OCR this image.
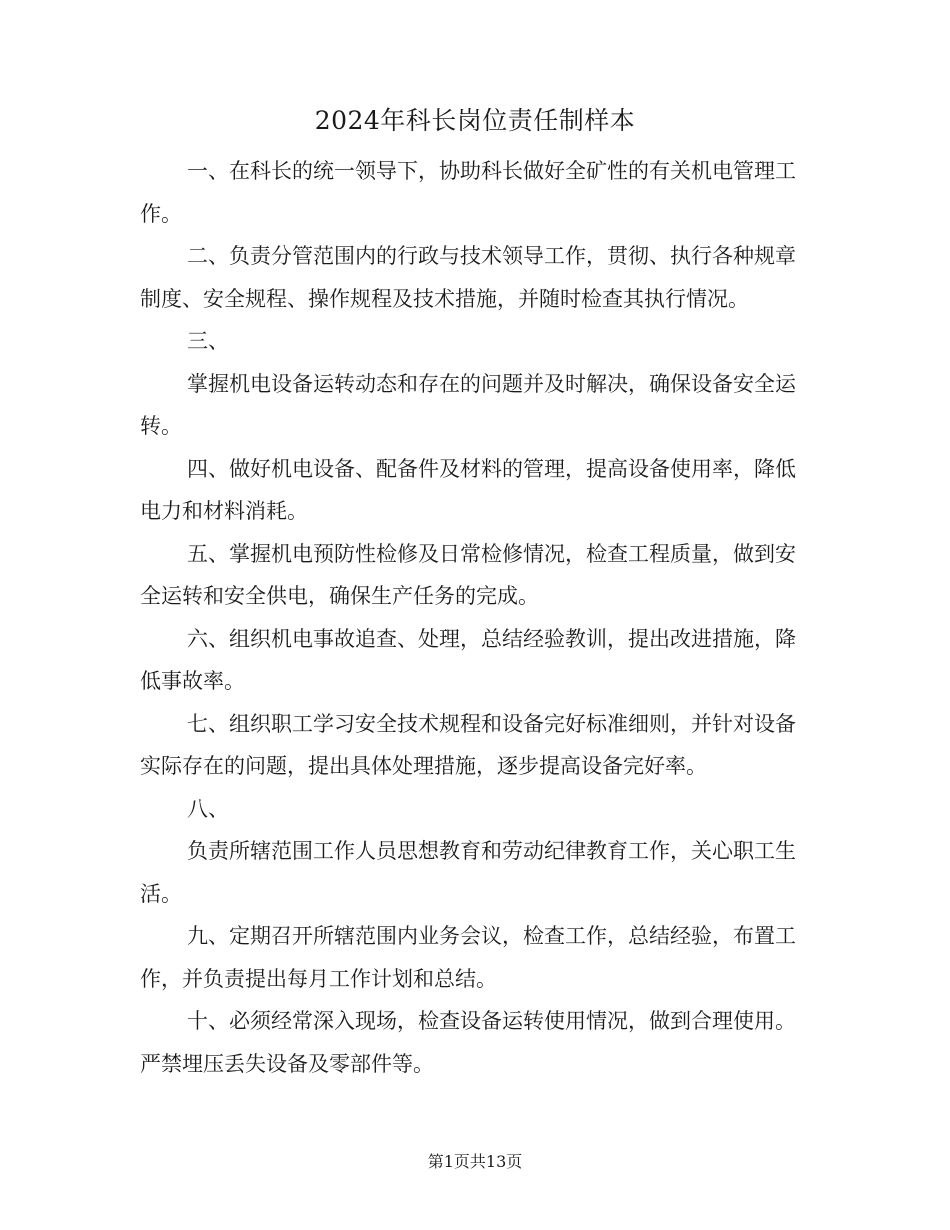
2024年科长岗位责任制样本

一、在科长的统一领导下，协助科长做好全矿性的有关机电管理工作。

二、负责分管范围内的行政与技术领导工作，贯彻、执行各种规章制度、安全规程、操作规程及技术措施，并随时检查其执行情况。

三、

掌握机电设备运转动态和存在的问题并及时解决，确保设备安全运转。

四、做好机电设备、配备件及材料的管理，提高设备使用率，降低电力和材料消耗。

五、掌握机电预防性检修及日常检修情况，检查工程质量，做到安全运转和安全供电，确保生产任务的完成。

六、组织机电事故追查、处理，总结经验教训，提出改进措施，降低事故率。

七、组织职工学习安全技术规程和设备完好标准细则，并针对设备实际存在的问题，提出具体处理措施，逐步提高设备完好率。

八、

负责所辖范围工作人员思想教育和劳动纪律教育工作，关心职工生活。

九、定期召开所辖范围内业务会议，检查工作，总结经验，布置工作，并负责提出每月工作计划和总结。

十、必须经常深入现场，检查设备运转使用情况，做到合理使用。严禁埋压丢失设备及零部件等。

第1页共13页
